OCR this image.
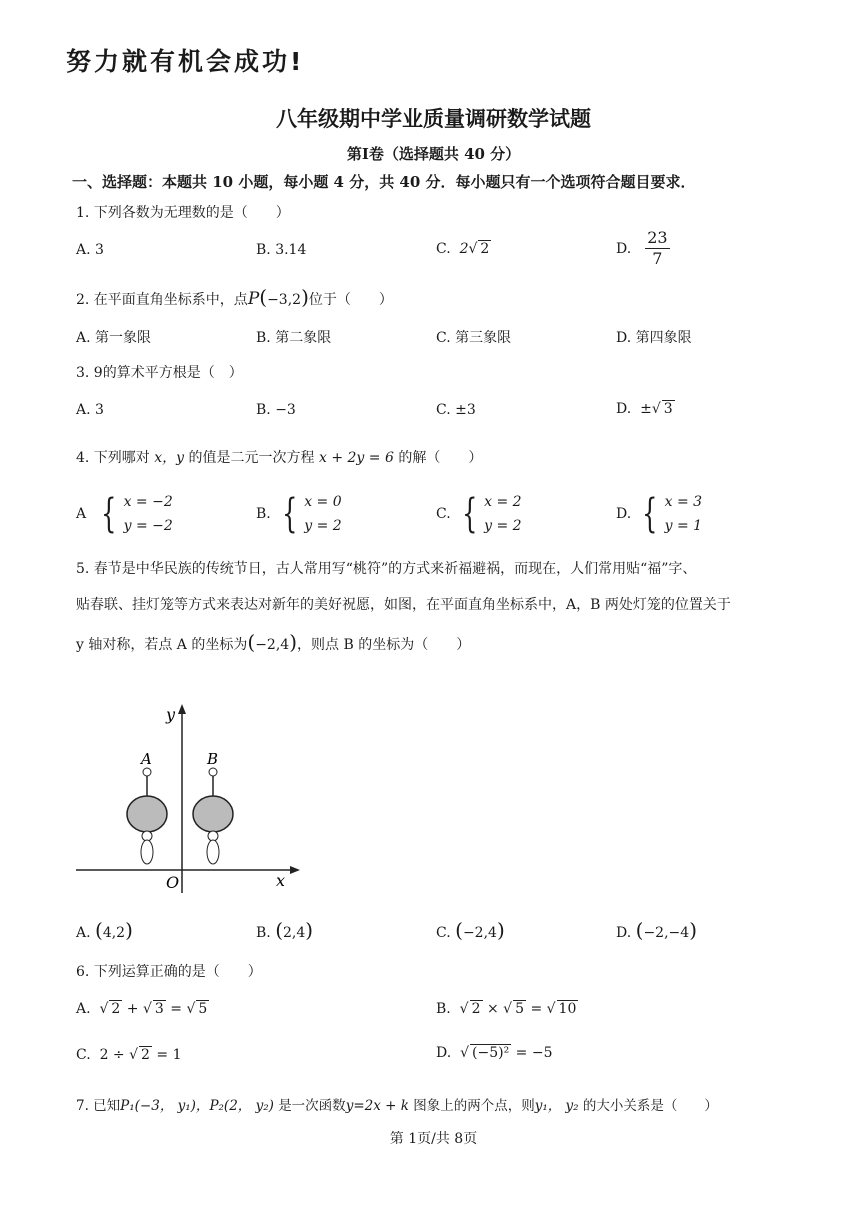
努力就有机会成功!
八年级期中学业质量调研数学试题
第Ⅰ卷（选择题共 40 分）
一、选择题：本题共 10 小题，每小题 4 分，共 40 分．每小题只有一个选项符合题目要求．
1. 下列各数为无理数的是（　　）
A. 3	B. 3.14	C. 2√ 2	D. $\frac{23}{7}$
2. 在平面直角坐标系中，点P(−3,2)位于（　　）
A. 第一象限	B. 第二象限	C. 第三象限	D. 第四象限
3. 9的算术平方根是（　）
A. 3	B. −3	C. ±3	D. ±√ 3
4. 下列哪对 x，y 的值是二元一次方程 x + 2y = 6 的解（　　）
A { x = −2
y = −2
B. { x = 0
y = 2
C. { x = 2
y = 2
D. { x = 3
y = 1
5. 春节是中华民族的传统节日，古人常用写“桃符”的方式来祈福避祸，而现在，人们常用贴“福”字、
贴春联、挂灯笼等方式来表达对新年的美好祝愿，如图，在平面直角坐标系中，A，B 两处灯笼的位置关于
y 轴对称，若点 A 的坐标为(−2,4)，则点 B 的坐标为（　　）
y
x
O
A	B
A. (4,2)	B. (2,4)	C. (−2,4)	D. (−2,−4)
6. 下列运算正确的是（　　）
A. √ 2 + √ 3 = √ 5	B. √ 2 × √ 5 = √ 10
C. 2 ÷ √ 2 = 1	D. √ (−5)² = −5
7. 已知P₁(−3， y₁)，P₂(2， y₂) 是一次函数y=2x + k 图象上的两个点，则y₁， y₂ 的大小关系是（　　）
第 1页/共 8页
